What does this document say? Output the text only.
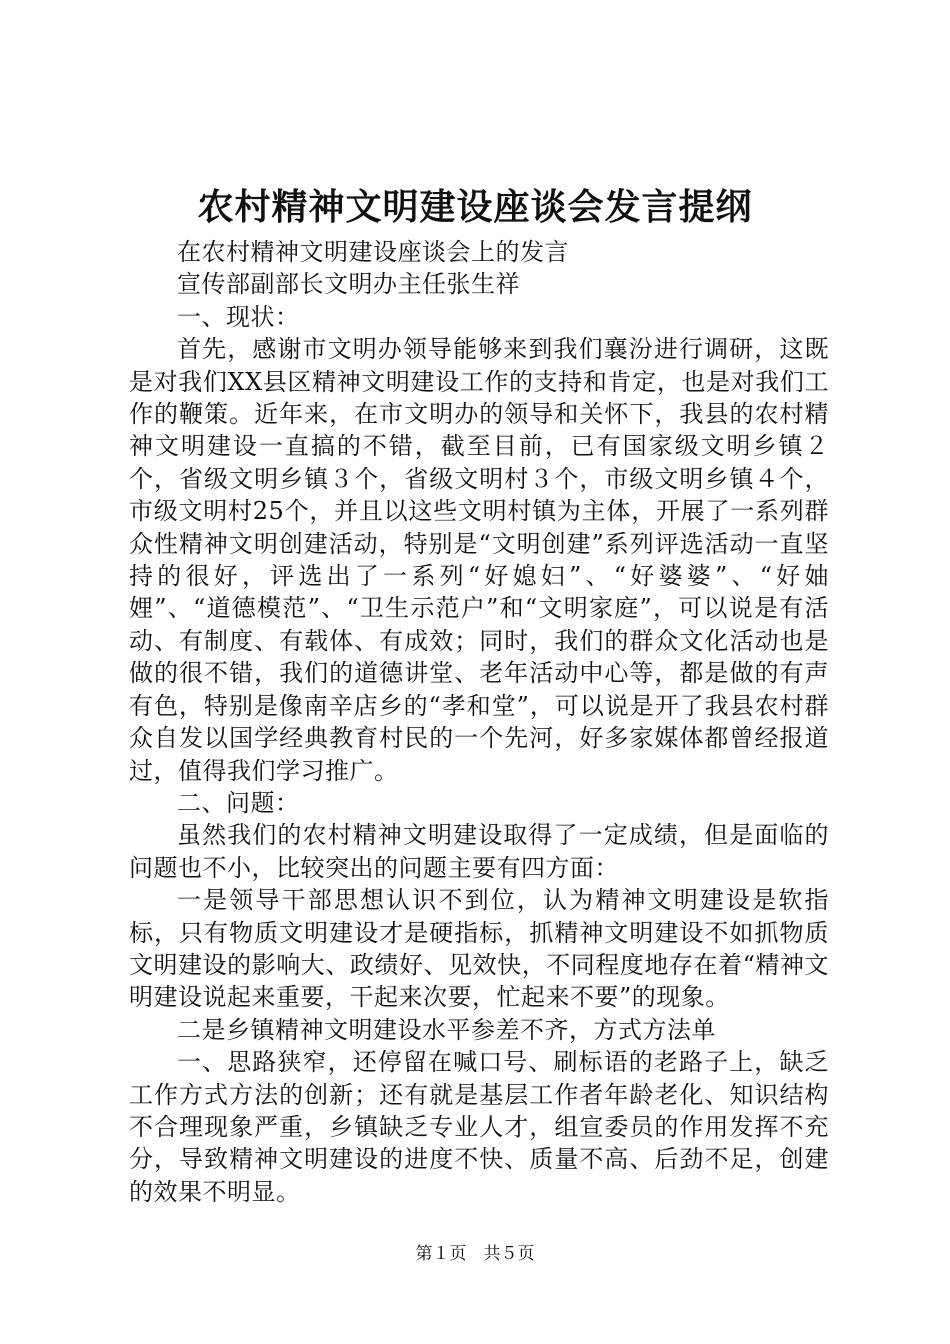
农村精神文明建设座谈会发言提纲

在农村精神文明建设座谈会上的发言

宣传部副部长文明办主任张生祥

一、现状：

首先，感谢市文明办领导能够来到我们襄汾进行调研，这既是对我们XX县区精神文明建设工作的支持和肯定，也是对我们工作的鞭策。近年来，在市文明办的领导和关怀下，我县的农村精神文明建设一直搞的不错，截至目前，已有国家级文明乡镇２个，省级文明乡镇３个，省级文明村３个，市级文明乡镇４个，市级文明村25个，并且以这些文明村镇为主体，开展了一系列群众性精神文明创建活动，特别是“文明创建”系列评选活动一直坚持的很好，评选出了一系列“好媳妇”、“好婆婆”、“好妯娌”、“道德模范”、“卫生示范户”和“文明家庭”，可以说是有活动、有制度、有载体、有成效；同时，我们的群众文化活动也是做的很不错，我们的道德讲堂、老年活动中心等，都是做的有声有色，特别是像南辛店乡的“孝和堂”，可以说是开了我县农村群众自发以国学经典教育村民的一个先河，好多家媒体都曾经报道过，值得我们学习推广。

二、问题：

虽然我们的农村精神文明建设取得了一定成绩，但是面临的问题也不小，比较突出的问题主要有四方面：

一是领导干部思想认识不到位，认为精神文明建设是软指标，只有物质文明建设才是硬指标，抓精神文明建设不如抓物质文明建设的影响大、政绩好、见效快，不同程度地存在着“精神文明建设说起来重要，干起来次要，忙起来不要”的现象。

二是乡镇精神文明建设水平参差不齐，方式方法单

一、思路狭窄，还停留在喊口号、刷标语的老路子上，缺乏工作方式方法的创新；还有就是基层工作者年龄老化、知识结构不合理现象严重，乡镇缺乏专业人才，组宣委员的作用发挥不充分，导致精神文明建设的进度不快、质量不高、后劲不足，创建的效果不明显。

第１页　共５页
